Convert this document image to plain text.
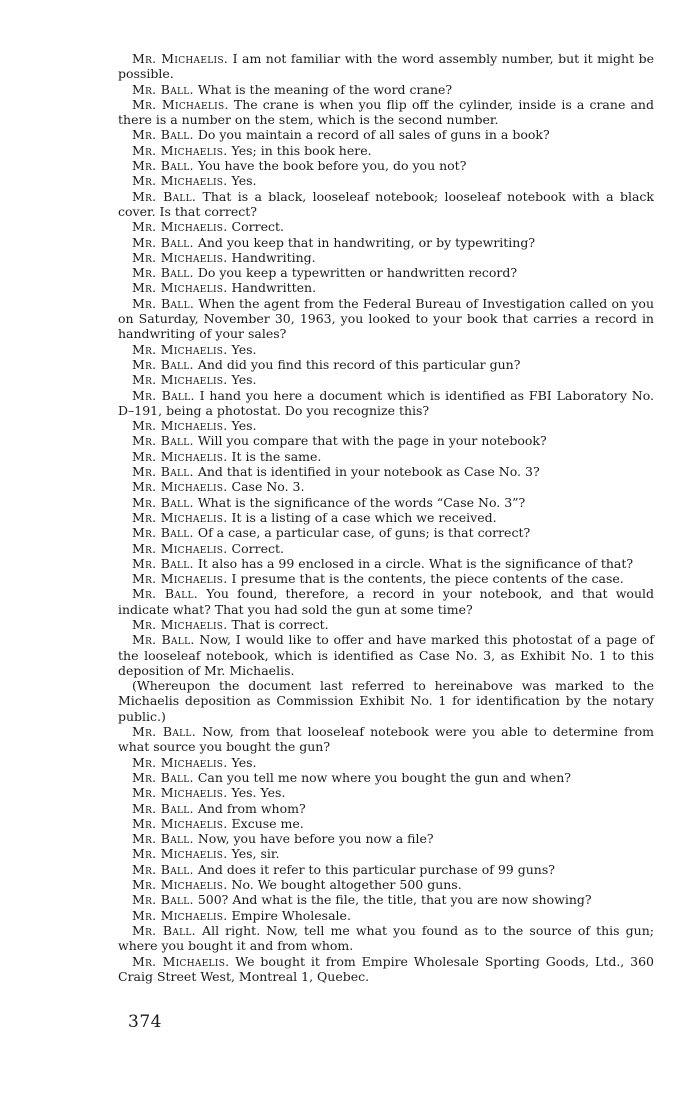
Mr. Michaelis. I am not familiar with the word assembly number, but it might be possible.

Mr. Ball. What is the meaning of the word crane?

Mr. Michaelis. The crane is when you flip off the cylinder, inside is a crane and there is a number on the stem, which is the second number.

Mr. Ball. Do you maintain a record of all sales of guns in a book?

Mr. Michaelis. Yes; in this book here.

Mr. Ball. You have the book before you, do you not?

Mr. Michaelis. Yes.

Mr. Ball. That is a black, looseleaf notebook; looseleaf notebook with a black cover. Is that correct?

Mr. Michaelis. Correct.

Mr. Ball. And you keep that in handwriting, or by typewriting?

Mr. Michaelis. Handwriting.

Mr. Ball. Do you keep a typewritten or handwritten record?

Mr. Michaelis. Handwritten.

Mr. Ball. When the agent from the Federal Bureau of Investigation called on you on Saturday, November 30, 1963, you looked to your book that carries a record in handwriting of your sales?

Mr. Michaelis. Yes.

Mr. Ball. And did you find this record of this particular gun?

Mr. Michaelis. Yes.

Mr. Ball. I hand you here a document which is identified as FBI Laboratory No. D–191, being a photostat. Do you recognize this?

Mr. Michaelis. Yes.

Mr. Ball. Will you compare that with the page in your notebook?

Mr. Michaelis. It is the same.

Mr. Ball. And that is identified in your notebook as Case No. 3?

Mr. Michaelis. Case No. 3.

Mr. Ball. What is the significance of the words “Case No. 3”?

Mr. Michaelis. It is a listing of a case which we received.

Mr. Ball. Of a case, a particular case, of guns; is that correct?

Mr. Michaelis. Correct.

Mr. Ball. It also has a 99 enclosed in a circle. What is the significance of that?

Mr. Michaelis. I presume that is the contents, the piece contents of the case.

Mr. Ball. You found, therefore, a record in your notebook, and that would indicate what? That you had sold the gun at some time?

Mr. Michaelis. That is correct.

Mr. Ball. Now, I would like to offer and have marked this photostat of a page of the looseleaf notebook, which is identified as Case No. 3, as Exhibit No. 1 to this deposition of Mr. Michaelis.

(Whereupon the document last referred to hereinabove was marked to the Michaelis deposition as Commission Exhibit No. 1 for identification by the notary public.)

Mr. Ball. Now, from that looseleaf notebook were you able to determine from what source you bought the gun?

Mr. Michaelis. Yes.

Mr. Ball. Can you tell me now where you bought the gun and when?

Mr. Michaelis. Yes. Yes.

Mr. Ball. And from whom?

Mr. Michaelis. Excuse me.

Mr. Ball. Now, you have before you now a file?

Mr. Michaelis. Yes, sir.

Mr. Ball. And does it refer to this particular purchase of 99 guns?

Mr. Michaelis. No. We bought altogether 500 guns.

Mr. Ball. 500? And what is the file, the title, that you are now showing?

Mr. Michaelis. Empire Wholesale.

Mr. Ball. All right. Now, tell me what you found as to the source of this gun; where you bought it and from whom.

Mr. Michaelis. We bought it from Empire Wholesale Sporting Goods, Ltd., 360 Craig Street West, Montreal 1, Quebec.

374
